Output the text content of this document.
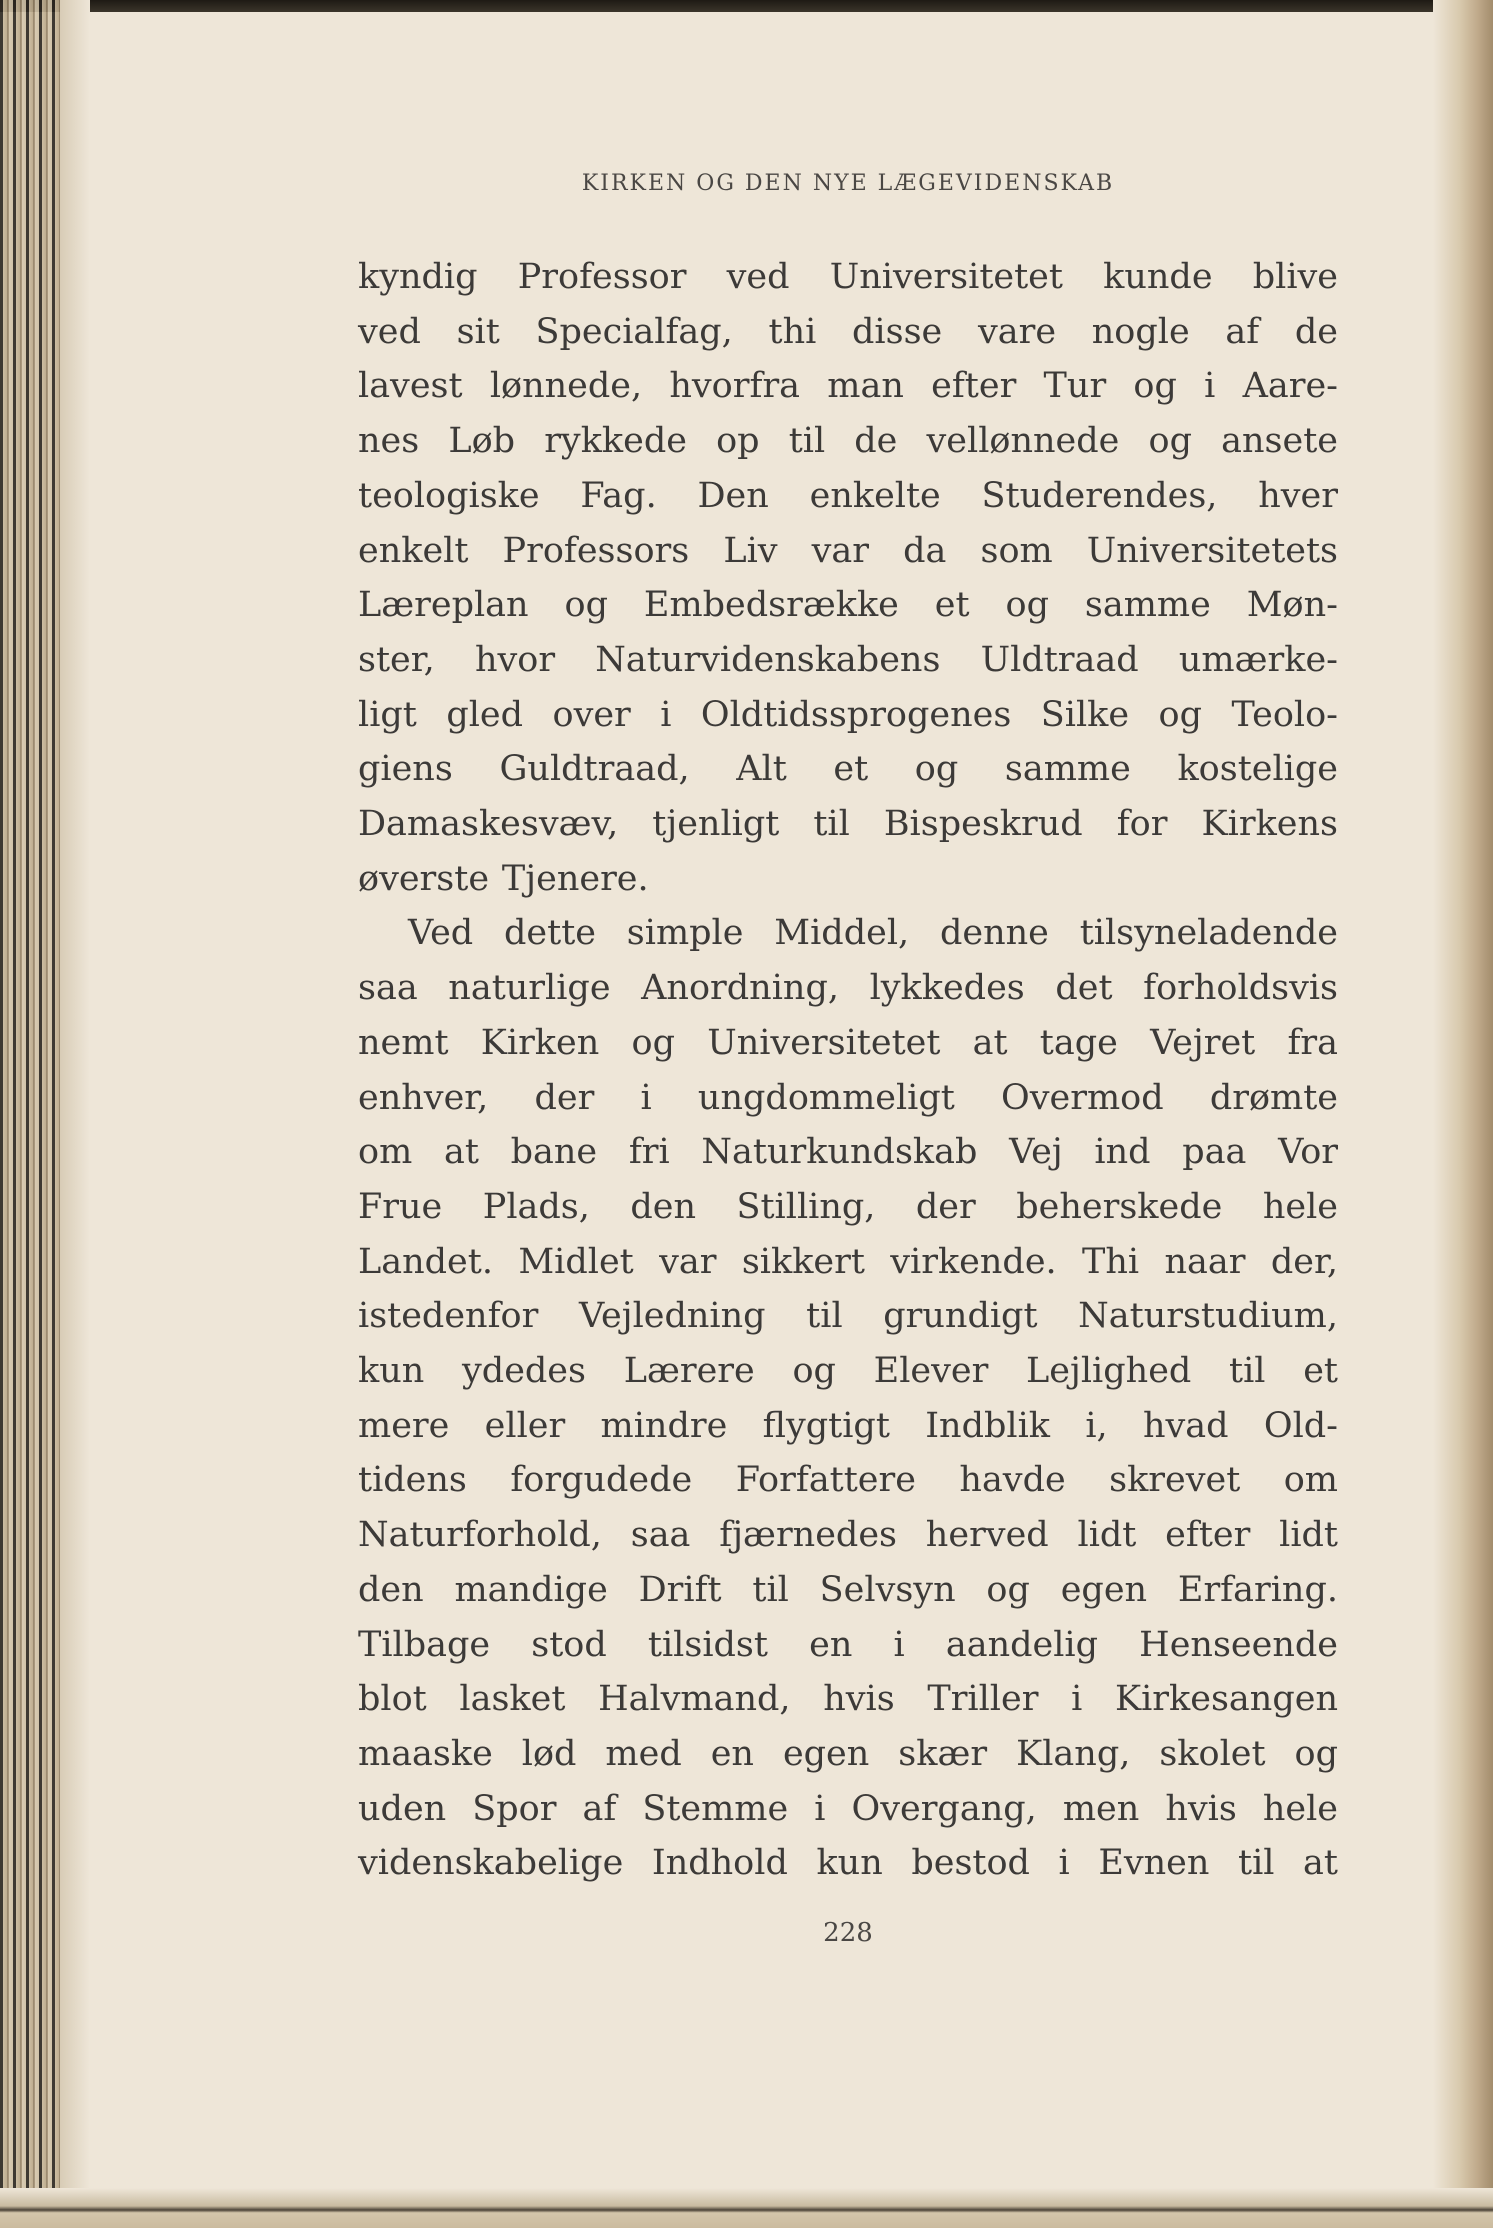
KIRKEN OG DEN NYE LÆGEVIDENSKAB
kyndig Professor ved Universitetet kunde blive
ved sit Specialfag, thi disse vare nogle af de
lavest lønnede, hvorfra man efter Tur og i Aare-
nes Løb rykkede op til de vellønnede og ansete
teologiske Fag. Den enkelte Studerendes, hver
enkelt Professors Liv var da som Universitetets
Læreplan og Embedsrække et og samme Møn-
ster, hvor Naturvidenskabens Uldtraad umærke-
ligt gled over i Oldtidssprogenes Silke og Teolo-
giens Guldtraad, Alt et og samme kostelige
Damaskesvæv, tjenligt til Bispeskrud for Kirkens
øverste Tjenere.
Ved dette simple Middel, denne tilsyneladende
saa naturlige Anordning, lykkedes det forholdsvis
nemt Kirken og Universitetet at tage Vejret fra
enhver, der i ungdommeligt Overmod drømte
om at bane fri Naturkundskab Vej ind paa Vor
Frue Plads, den Stilling, der beherskede hele
Landet. Midlet var sikkert virkende. Thi naar der,
istedenfor Vejledning til grundigt Naturstudium,
kun ydedes Lærere og Elever Lejlighed til et
mere eller mindre flygtigt Indblik i, hvad Old-
tidens forgudede Forfattere havde skrevet om
Naturforhold, saa fjærnedes herved lidt efter lidt
den mandige Drift til Selvsyn og egen Erfaring.
Tilbage stod tilsidst en i aandelig Henseende
blot lasket Halvmand, hvis Triller i Kirkesangen
maaske lød med en egen skær Klang, skolet og
uden Spor af Stemme i Overgang, men hvis hele
videnskabelige Indhold kun bestod i Evnen til at
228
